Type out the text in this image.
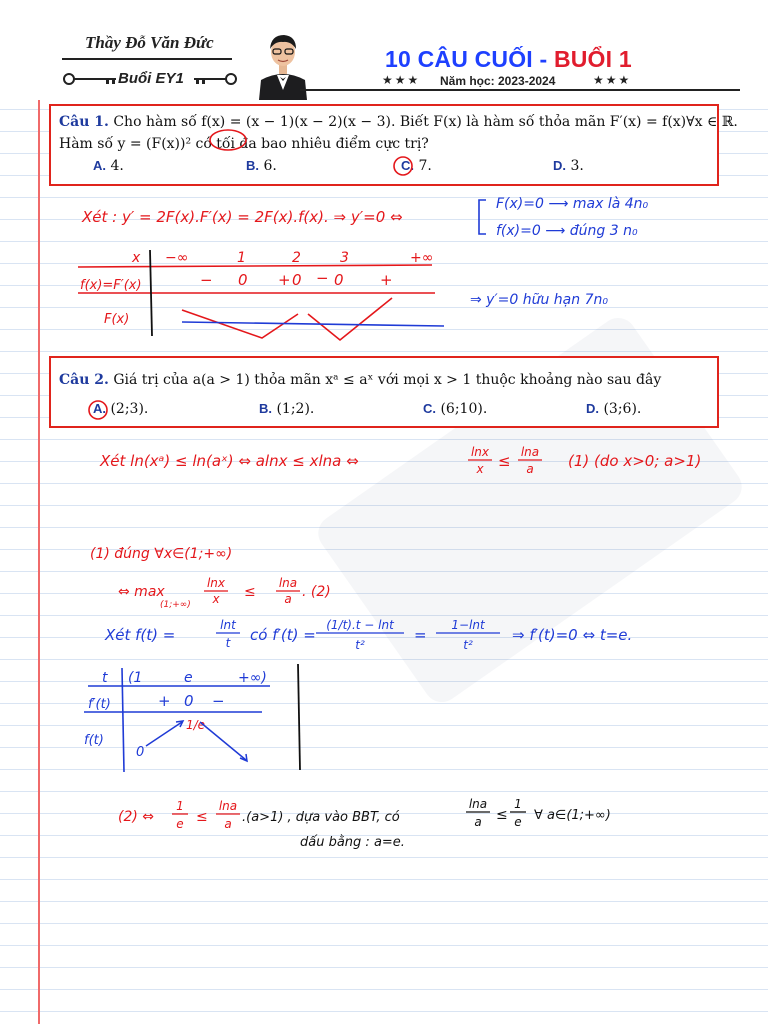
Thầy Đỗ Văn Đức
Buổi EY1
10 CÂU CUỐI - BUỔI 1
★★★ Năm học: 2023-2024	★★★
Câu 1. Cho hàm số f(x) = (x − 1)(x − 2)(x − 3). Biết F(x) là hàm số thỏa mãn F′(x) = f(x)∀x ∈ ℝ.
Hàm số y = (F(x))² có tối đa bao nhiêu điểm cực trị?
A. 4.	B. 6.	C. 7.	D. 3.
Câu 2. Giá trị của a(a > 1) thỏa mãn xᵃ ≤ aˣ với mọi x > 1 thuộc khoảng nào sau đây
A. (2;3).	B. (1;2).	C. (6;10).	D. (3;6).
Xét : y′ = 2F(x).F′(x) = 2F(x).f(x). ⇒ y′=0 ⇔
F(x)=0 ⟶ max là 4n₀
f(x)=0 ⟶ đúng 3 n₀
x −∞	1	2	3	+∞
f(x)=F′(x)	− 0 + 0 − 0 +
F(x)
⇒ y′=0 hữu hạn 7n₀
Xét ln(xᵃ) ≤ ln(aˣ) ⇔ alnx ≤ xlna ⇔	lnx
x ≤ lna
a (1) (do x>0; a>1)
(1) đúng ∀x∈(1;+∞)
⇔ max
(1;+∞)
lnx
x ≤
lna
a . (2)
Xét f(t) =
lnt
t có f′(t) =
(1/t).t − lnt
t²
=
1−lnt
t²
⇒ f′(t)=0 ⇔ t=e.
t (1	e	+∞)
f′(t)	+ 0 −
f(t)
1/e
0
(2) ⇔
1
e ≤
lna
a .(a>1) , dựa vào BBT, có
lna
a ≤
1
e ∀ a∈(1;+∞)
dấu bằng : a=e.
